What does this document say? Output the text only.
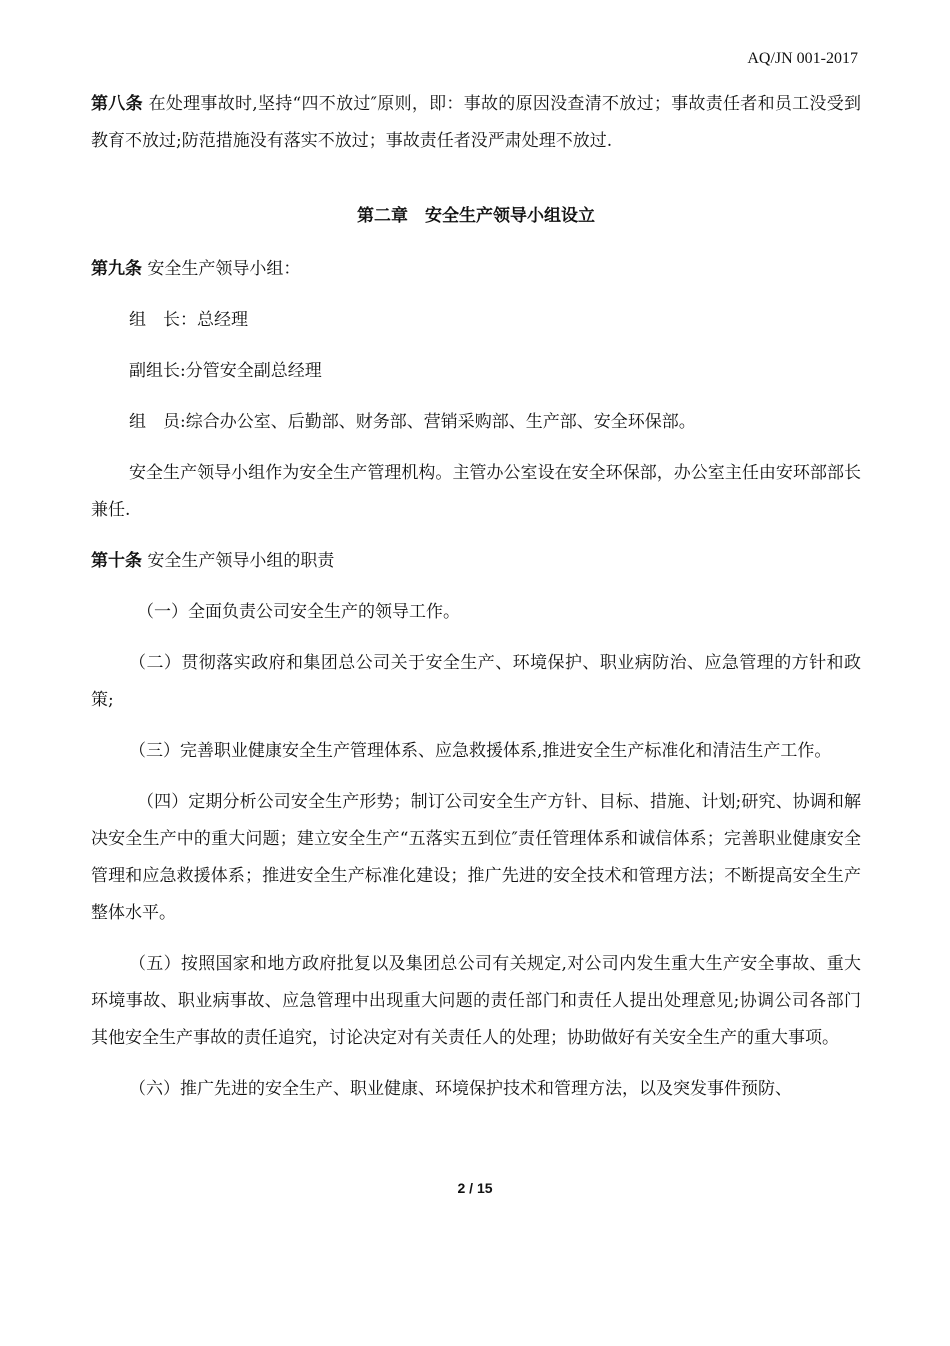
AQ/JN 001-2017

第八条 在处理事故时,坚持“四不放过″原则，即：事故的原因没查清不放过；事故责任者和员工没受到教育不放过;防范措施没有落实不放过；事故责任者没严肃处理不放过.

第二章　安全生产领导小组设立

第九条 安全生产领导小组：

组　长：总经理

副组长:分管安全副总经理

组　员:综合办公室、后勤部、财务部、营销采购部、生产部、安全环保部。

安全生产领导小组作为安全生产管理机构。主管办公室设在安全环保部，办公室主任由安环部部长兼任.

第十条 安全生产领导小组的职责

（一）全面负责公司安全生产的领导工作。

（二）贯彻落实政府和集团总公司关于安全生产、环境保护、职业病防治、应急管理的方针和政策;

（三）完善职业健康安全生产管理体系、应急救援体系,推进安全生产标准化和清洁生产工作。

（四）定期分析公司安全生产形势；制订公司安全生产方针、目标、措施、计划;研究、协调和解决安全生产中的重大问题；建立安全生产“五落实五到位″责任管理体系和诚信体系；完善职业健康安全管理和应急救援体系；推进安全生产标准化建设；推广先进的安全技术和管理方法；不断提高安全生产整体水平。

（五）按照国家和地方政府批复以及集团总公司有关规定,对公司内发生重大生产安全事故、重大环境事故、职业病事故、应急管理中出现重大问题的责任部门和责任人提出处理意见;协调公司各部门其他安全生产事故的责任追究，讨论决定对有关责任人的处理；协助做好有关安全生产的重大事项。

（六）推广先进的安全生产、职业健康、环境保护技术和管理方法，以及突发事件预防、

2 / 15
